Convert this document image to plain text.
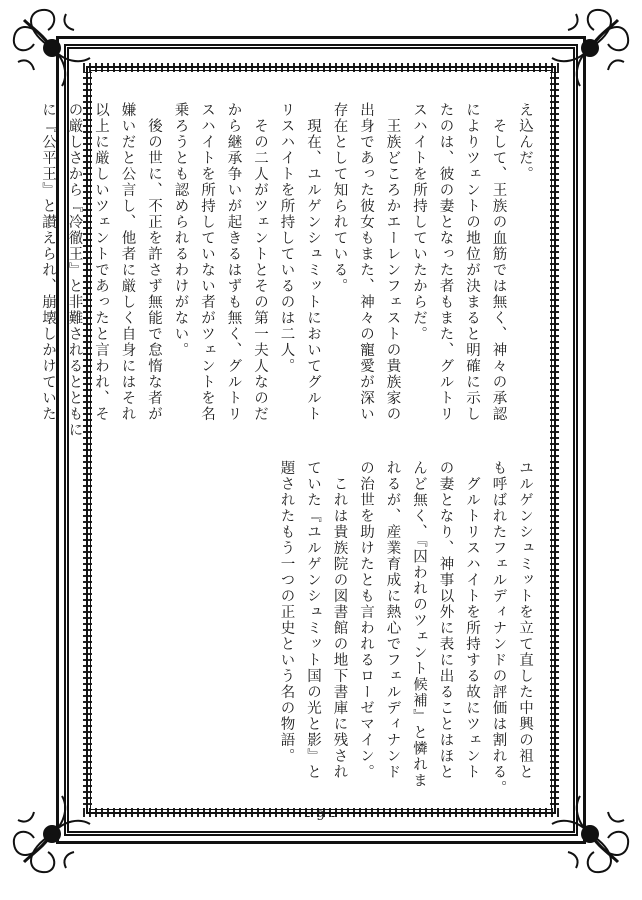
え込んだ。

　そして、王族の血筋では無く、神々の承認

によりツェントの地位が決まると明確に示し

たのは、彼の妻となった者もまた、グルトリ

スハイトを所持していたからだ。

　王族どころかエーレンフェストの貴族家の

出身であった彼女もまた、神々の寵愛が深い

存在として知られている。

　現在、ユルゲンシュミットにおいてグルト

リスハイトを所持しているのは二人。

　その二人がツェントとその第一夫人なのだ

から継承争いが起きるはずも無く、グルトリ

スハイトを所持していない者がツェントを名

乗ろうとも認められるわけがない。

　後の世に、不正を許さず無能で怠惰な者が

嫌いだと公言し、他者に厳しく自身にはそれ

以上に厳しいツェントであったと言われ、そ

の厳しさから『冷徹王』と非難されるとともに

に『公平王』と讃えられ、崩壊しかけていた

ユルゲンシュミットを立て直した中興の祖と

も呼ばれたフェルディナンドの評価は割れる。

　グルトリスハイトを所持する故にツェント

の妻となり、神事以外に表に出ることはほと

んど無く、『囚われのツェント候補』と憐れま

れるが、産業育成に熱心でフェルディナンド

の治世を助けたとも言われるローゼマイン。

　これは貴族院の図書館の地下書庫に残され

ていた『ユルゲンシュミット国の光と影』と

題されたもう一つの正史という名の物語。

- 9 -
